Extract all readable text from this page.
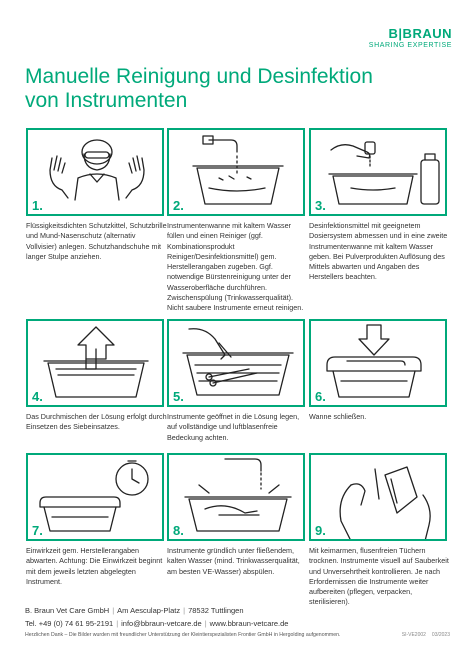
B|BRAUN
SHARING EXPERTISE
Manuelle Reinigung und Desinfektion
von Instrumenten
1.
Flüssigkeitsdichten Schutzkittel, Schutzbrille und Mund-Nasenschutz (alternativ Vollvisier) anlegen. Schutzhandschuhe mit langer Stulpe anziehen.
2.
Instrumentenwanne mit kaltem Wasser füllen und einen Reiniger (ggf. Kombinationsprodukt Reiniger/Desinfektionsmittel) gem. Herstellerangaben zugeben. Ggf. notwendige Bürstenreinigung unter der Wasseroberfläche durchführen. Zwischenspülung (Trinkwasserqualität). Nicht saubere Instrumente erneut reinigen.
3.
Desinfektionsmittel mit geeignetem Dosiersystem abmessen und in eine zweite Instrumentenwanne mit kaltem Wasser geben. Bei Pulverprodukten Auflösung des Mittels abwarten und Angaben des Herstellers beachten.
4.
Das Durchmischen der Lösung erfolgt durch Einsetzen des Siebeinsatzes.
5.
Instrumente geöffnet in die Lösung legen, auf vollständige und luftblasenfreie Bedeckung achten.
6.
Wanne schließen.
7.
Einwirkzeit gem. Herstellerangaben abwarten. Achtung: Die Einwirkzeit beginnt mit dem jeweils letzten abgelegten Instrument.
8.
Instrumente gründlich unter fließendem, kalten Wasser (mind. Trinkwasserqualität, am besten VE-Wasser) abspülen.
9.
Mit keimarmen, flusenfreien Tüchern trocknen. Instrumente visuell auf Sauberkeit und Unversehrtheit kontrollieren. Je nach Erfordernissen die Instrumente weiter aufbereiten (pflegen, verpacken, sterilisieren).
B. Braun Vet Care GmbH | Am Aesculap-Platz | 78532 Tuttlingen
Tel. +49 (0) 74 61 95-2191 | info@bbraun-vetcare.de | www.bbraun-vetcare.de
Herzlichen Dank – Die Bilder wurden mit freundlicher Unterstützung der Kleintierspezialisten Frontier GmbH in Hergolding aufgenommen.	SI-VE2002 03/2023
